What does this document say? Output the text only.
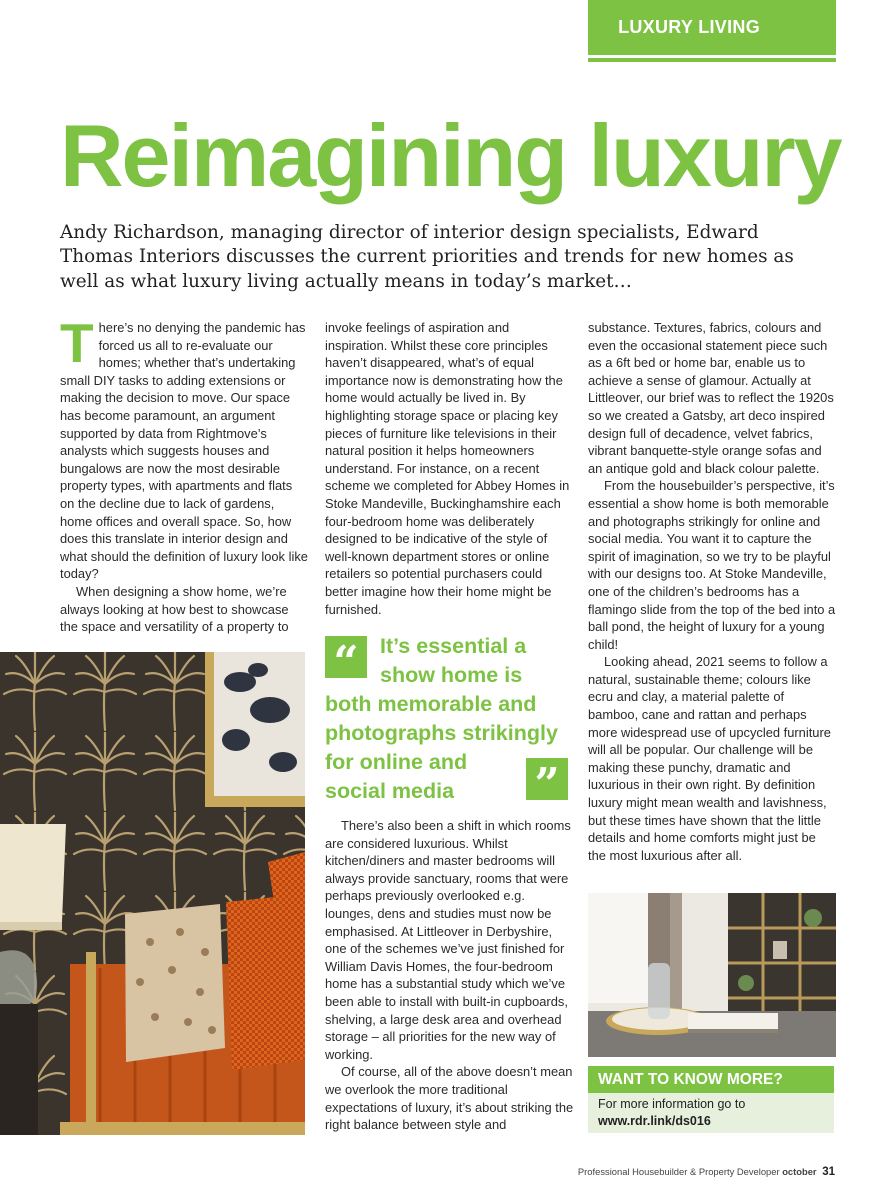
LUXURY LIVING
Reimagining luxury

Andy Richardson, managing director of interior design specialists, Edward Thomas Interiors discusses the current priorities and trends for new homes as well as what luxury living actually means in today’s market…

There’s no denying the pandemic has forced us all to re-evaluate our homes; whether that’s undertaking small DIY tasks to adding extensions or making the decision to move. Our space has become paramount, an argument supported by data from Rightmove’s analysts which suggests houses and bungalows are now the most desirable property types, with apartments and flats on the decline due to lack of gardens, home offices and overall space. So, how does this translate in interior design and what should the definition of luxury look like today?

When designing a show home, we’re always looking at how best to showcase the space and versatility of a property to

invoke feelings of aspiration and inspiration. Whilst these core principles haven’t disappeared, what’s of equal importance now is demonstrating how the home would actually be lived in. By highlighting storage space or placing key pieces of furniture like televisions in their natural position it helps homeowners understand. For instance, on a recent scheme we completed for Abbey Homes in Stoke Mandeville, Buckinghamshire each four-bedroom home was deliberately designed to be indicative of the style of well-known department stores or online retailers so potential purchasers could better imagine how their home might be furnished.

“ It’s essential a
show home is
both memorable and
photographs strikingly
for online and
social media ”

There’s also been a shift in which rooms are considered luxurious. Whilst kitchen/diners and master bedrooms will always provide sanctuary, rooms that were perhaps previously overlooked e.g. lounges, dens and studies must now be emphasised. At Littleover in Derbyshire, one of the schemes we’ve just finished for William Davis Homes, the four-bedroom home has a substantial study which we’ve been able to install with built-in cupboards, shelving, a large desk area and overhead storage – all priorities for the new way of working.

Of course, all of the above doesn’t mean we overlook the more traditional expectations of luxury, it’s about striking the right balance between style and

substance. Textures, fabrics, colours and even the occasional statement piece such as a 6ft bed or home bar, enable us to achieve a sense of glamour. Actually at Littleover, our brief was to reflect the 1920s so we created a Gatsby, art deco inspired design full of decadence, velvet fabrics, vibrant banquette-style orange sofas and an antique gold and black colour palette.

From the housebuilder’s perspective, it’s essential a show home is both memorable and photographs strikingly for online and social media. You want it to capture the spirit of imagination, so we try to be playful with our designs too. At Stoke Mandeville, one of the children’s bedrooms has a flamingo slide from the top of the bed into a ball pond, the height of luxury for a young child!

Looking ahead, 2021 seems to follow a natural, sustainable theme; colours like ecru and clay, a material palette of bamboo, cane and rattan and perhaps more widespread use of upcycled furniture will all be popular. Our challenge will be making these punchy, dramatic and luxurious in their own right. By definition luxury might mean wealth and lavishness, but these times have shown that the little details and home comforts might just be the most luxurious after all.

WANT TO KNOW MORE?
For more information go to
www.rdr.link/ds016
Professional Housebuilder & Property Developer october 31
